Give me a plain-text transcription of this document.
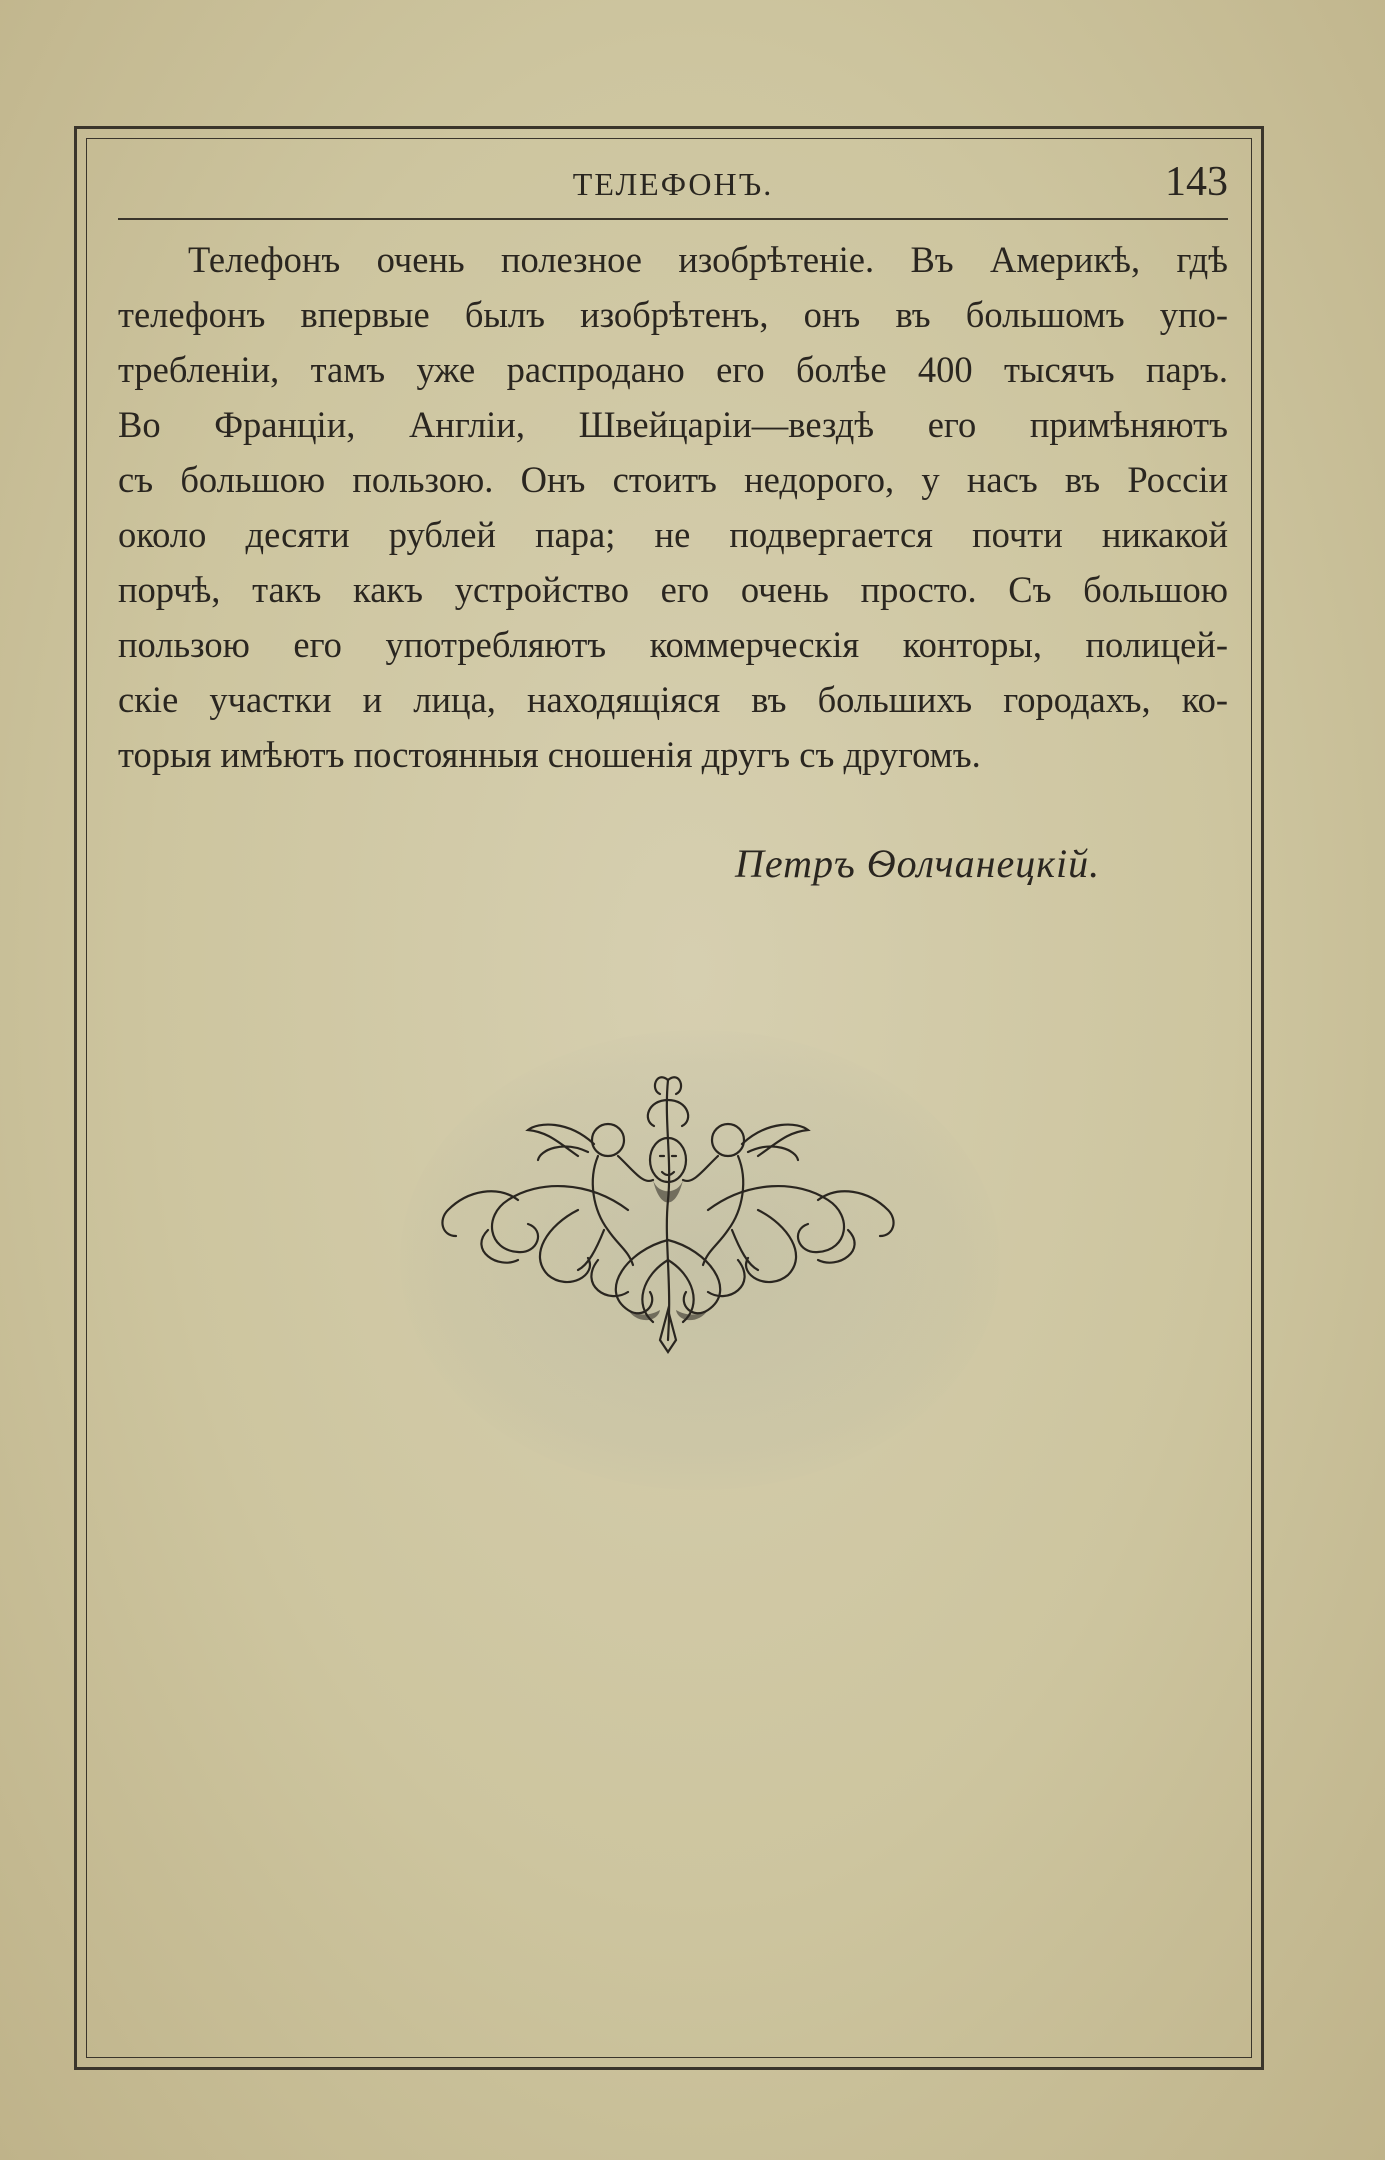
ТЕЛЕФОНЪ.	143

Телефонъ очень полезное изобрѣтеніе. Въ Америкѣ, гдѣ
телефонъ впервые былъ изобрѣтенъ, онъ въ большомъ упо-
требленіи, тамъ уже распродано его болѣе 400 тысячъ паръ.
Во Франціи, Англіи, Швейцаріи—вездѣ его примѣняютъ
съ большою пользою. Онъ стоитъ недорого, у насъ въ Россіи
около десяти рублей пара; не подвергается почти никакой
порчѣ, такъ какъ устройство его очень просто. Съ большою
пользою его употребляютъ коммерческія конторы, полицей-
скіе участки и лица, находящіяся въ большихъ городахъ, ко-
торыя имѣютъ постоянныя сношенія другъ съ другомъ.

Петръ Ѳолчанецкій.
